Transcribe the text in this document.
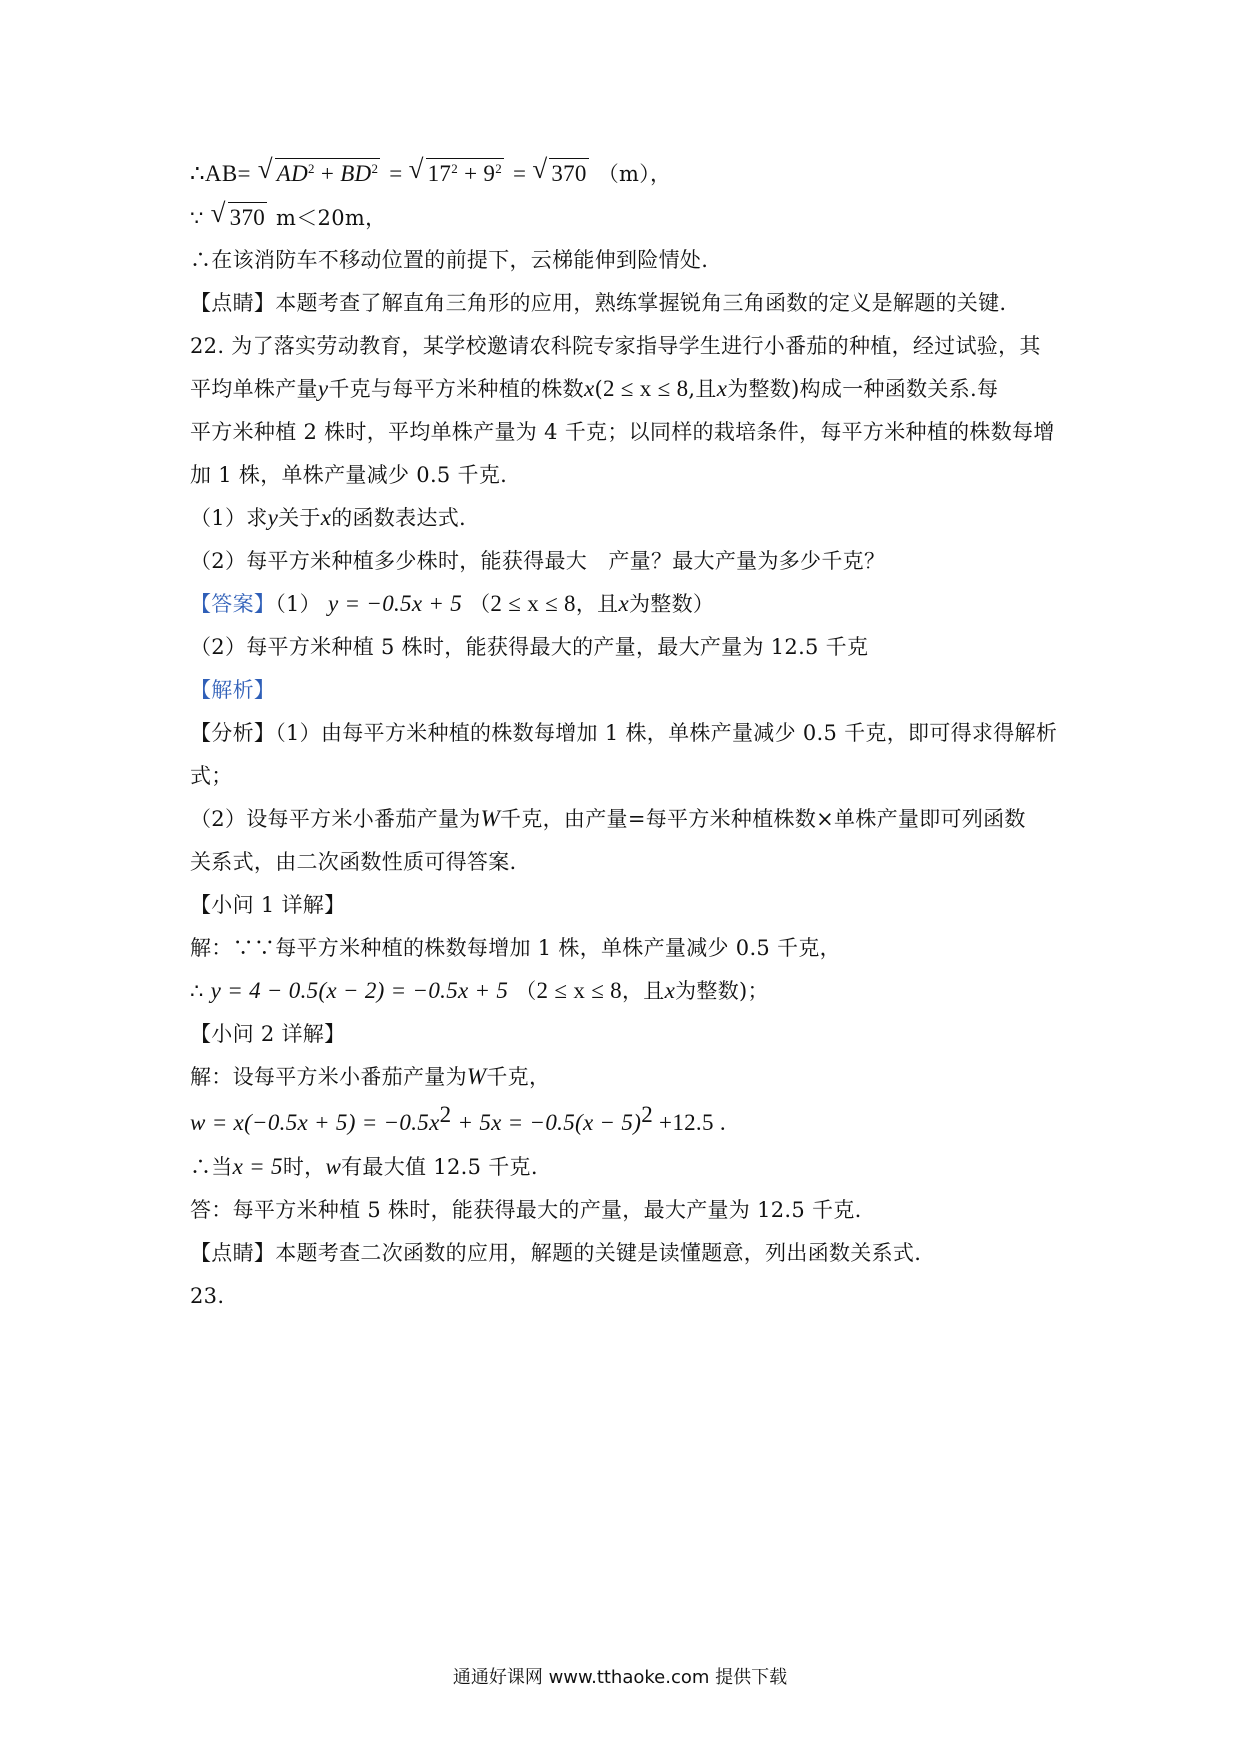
∴AB= √ $AD^2 + BD^2$ = √ $17^2 + 9^2$ = √ 370 （m），
∵ √ 370 m＜20m，
∴在该消防车不移动位置的前提下，云梯能伸到险情处.
【点睛】本题考查了解直角三角形的应用，熟练掌握锐角三角函数的定义是解题的关键.
22. 为了落实劳动教育，某学校邀请农科院专家指导学生进行小番茄的种植，经过试验，其
平均单株产量y千克与每平方米种植的株数x(2 ≤ x ≤ 8,且x为整数)构成一种函数关系.每
平方米种植 2 株时，平均单株产量为 4 千克；以同样的栽培条件，每平方米种植的株数每增
加 1 株，单株产量减少 0.5 千克.
（1）求y关于x的函数表达式.
（2）每平方米种植多少株时，能获得最大　产量？最大产量为多少千克？
【答案】（1） y = −0.5x + 5 （2 ≤ x ≤ 8，且x为整数）
（2）每平方米种植 5 株时，能获得最大的产量，最大产量为 12.5 千克
【解析】
【分析】（1）由每平方米种植的株数每增加 1 株，单株产量减少 0.5 千克，即可得求得解析
式；
（2）设每平方米小番茄产量为W千克，由产量=每平方米种植株数×单株产量即可列函数
关系式，由二次函数性质可得答案.
【小问 1 详解】
解：∵∵每平方米种植的株数每增加 1 株，单株产量减少 0.5 千克，
∴ y = 4 − 0.5(x − 2) = −0.5x + 5 （2 ≤ x ≤ 8，且x为整数)；
【小问 2 详解】
解：设每平方米小番茄产量为W千克，
$w = x(-0.5x + 5) = -0.5x^2 + 5x = -0.5(x - 5)^2 +12.5$ .
∴当x = 5时，w有最大值 12.5 千克.
答：每平方米种植 5 株时，能获得最大的产量，最大产量为 12.5 千克.
【点睛】本题考查二次函数的应用，解题的关键是读懂题意，列出函数关系式.
23.
通通好课网 www.tthaoke.com 提供下载
